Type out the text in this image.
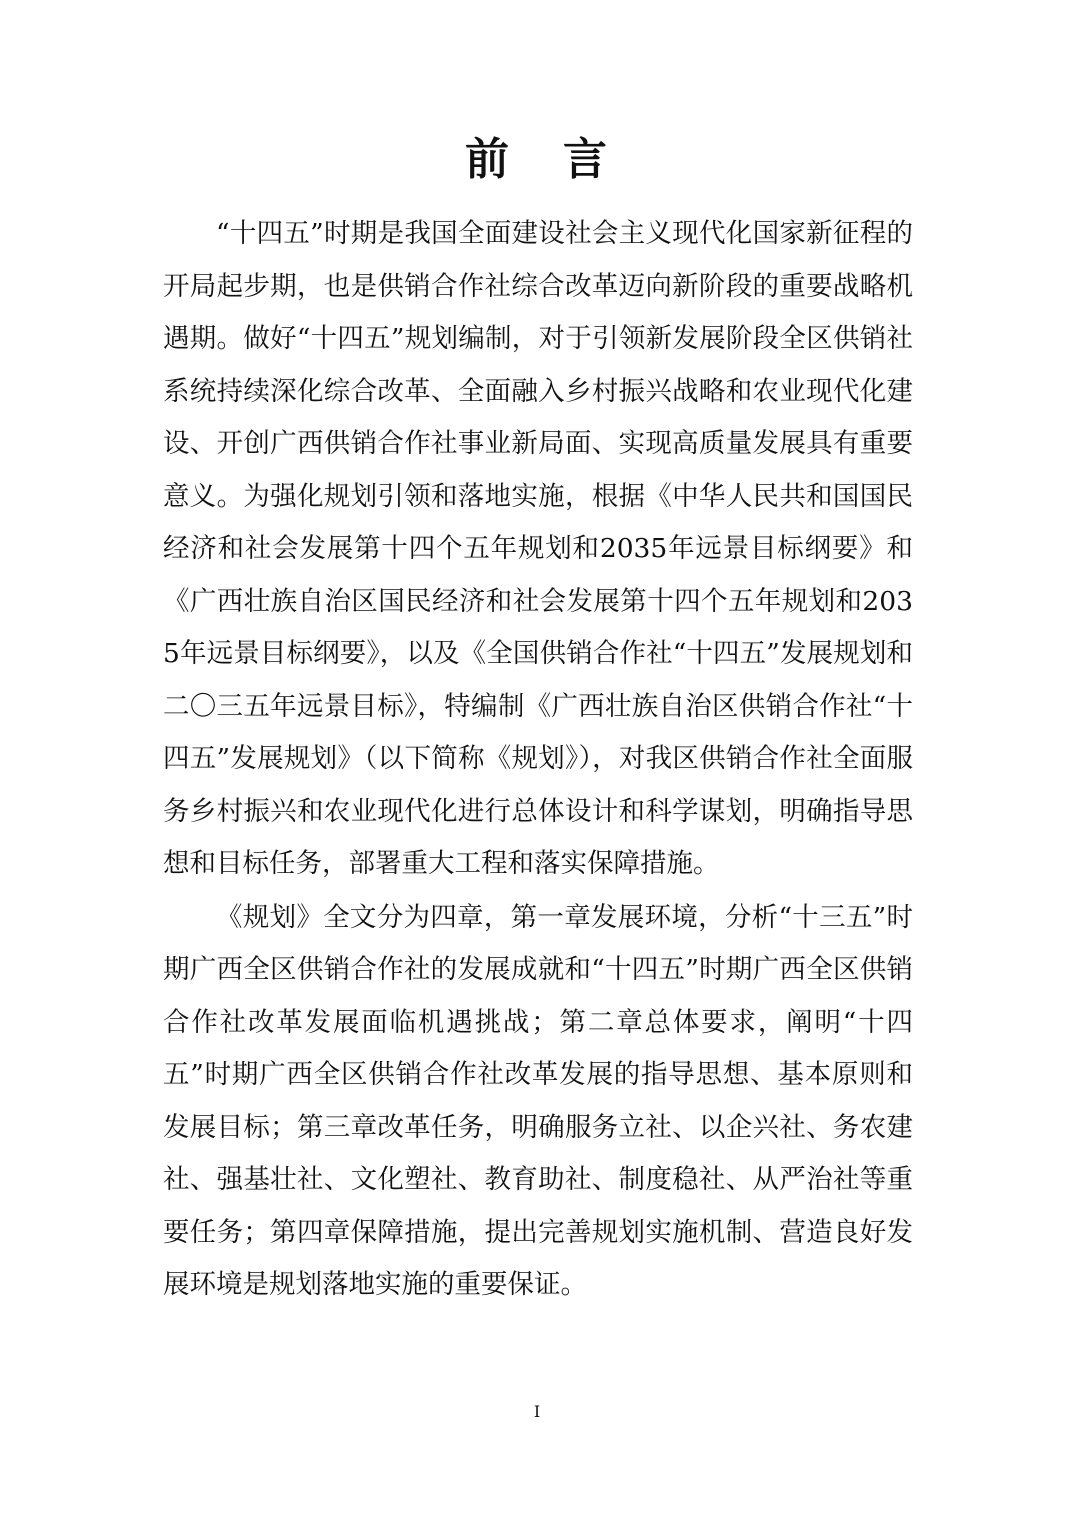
前 言

“十四五”时期是我国全面建设社会主义现代化国家新征程的开局起步期，也是供销合作社综合改革迈向新阶段的重要战略机遇期。做好“十四五”规划编制，对于引领新发展阶段全区供销社系统持续深化综合改革、全面融入乡村振兴战略和农业现代化建设、开创广西供销合作社事业新局面、实现高质量发展具有重要意义。为强化规划引领和落地实施，根据《中华人民共和国国民经济和社会发展第十四个五年规划和2035年远景目标纲要》和《广西壮族自治区国民经济和社会发展第十四个五年规划和2035年远景目标纲要》，以及《全国供销合作社“十四五”发展规划和二〇三五年远景目标》，特编制《广西壮族自治区供销合作社“十四五”发展规划》（以下简称《规划》），对我区供销合作社全面服务乡村振兴和农业现代化进行总体设计和科学谋划，明确指导思想和目标任务，部署重大工程和落实保障措施。

《规划》全文分为四章，第一章发展环境，分析“十三五”时期广西全区供销合作社的发展成就和“十四五”时期广西全区供销合作社改革发展面临机遇挑战；第二章总体要求，阐明“十四五”时期广西全区供销合作社改革发展的指导思想、基本原则和发展目标；第三章改革任务，明确服务立社、以企兴社、务农建社、强基壮社、文化塑社、教育助社、制度稳社、从严治社等重要任务；第四章保障措施，提出完善规划实施机制、营造良好发展环境是规划落地实施的重要保证。

I
